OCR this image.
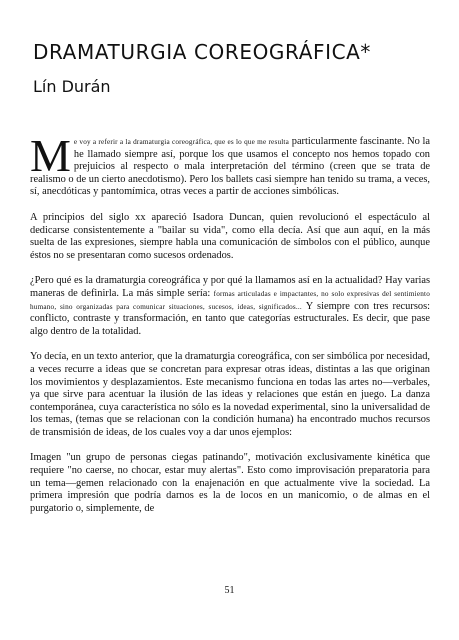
DRAMATURGIA COREOGRÁFICA*
Lín Durán

Me voy a referir a la dramaturgia coreográfica, que es lo que me resulta particularmente fascinante. No la he llamado siempre así, porque los que usamos el concepto nos hemos topado con prejuicios al respecto o mala interpretación del término (creen que se trata de realismo o de un cierto anecdotismo). Pero los ballets casi siempre han tenido su trama, a veces, sí, anecdóticas y pantomímica, otras veces a partir de acciones simbólicas.

A principios del siglo xx apareció Isadora Duncan, quien revolucionó el espectáculo al dedicarse consistentemente a "bailar su vida", como ella decía. Así que aun aquí, en la más suelta de las expresiones, siempre habla una comunicación de símbolos con el público, aunque éstos no se presentaran como sucesos ordenados.

¿Pero qué es la dramaturgia coreográfica y por qué la llamamos así en la actualidad? Hay varias maneras de definirla. La más simple sería: formas articuladas e impactantes, no solo expresivas del sentimiento humano, sino organizadas para comunicar situaciones, sucesos, ideas, significados... Y siempre con tres recursos: conflicto, contraste y transformación, en tanto que categorías estructurales. Es decir, que pase algo dentro de la totalidad.

Yo decía, en un texto anterior, que la dramaturgia coreográfica, con ser simbólica por necesidad, a veces recurre a ideas que se concretan para expresar otras ideas, distintas a las que originan los movimientos y desplazamientos. Este mecanismo funciona en todas las artes no—verbales, ya que sirve para acentuar la ilusión de las ideas y relaciones que están en juego. La danza contemporánea, cuya característica no sólo es la novedad experimental, sino la universalidad de los temas, (temas que se relacionan con la condición humana) ha encontrado muchos recursos de transmisión de ideas, de los cuales voy a dar unos ejemplos:

Imagen "un grupo de personas ciegas patinando", motivación exclusivamente kinética que requiere "no caerse, no chocar, estar muy alertas". Esto como improvisación preparatoria para un tema—gemen relacionado con la enajenación en que actualmente vive la sociedad. La primera impresión que podría darnos es la de locos en un manicomio, o de almas en el purgatorio o, simplemente, de

51
